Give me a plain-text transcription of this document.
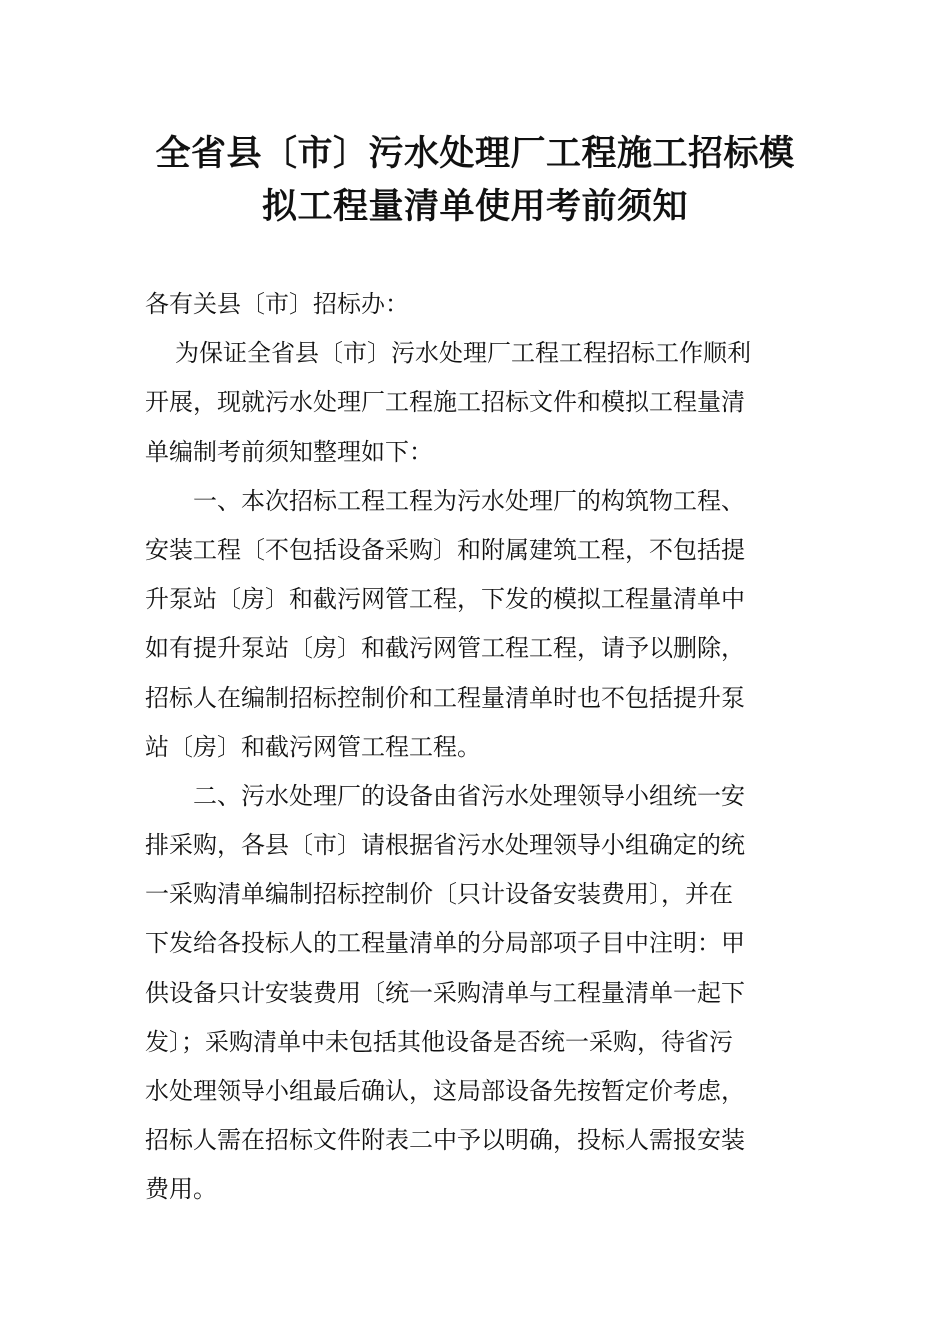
全省县〔市〕污水处理厂工程施工招标模
拟工程量清单使用考前须知
各有关县〔市〕招标办：
为保证全省县〔市〕污水处理厂工程工程招标工作顺利
开展，现就污水处理厂工程施工招标文件和模拟工程量清
单编制考前须知整理如下：
一、本次招标工程工程为污水处理厂的构筑物工程、
安装工程〔不包括设备采购〕和附属建筑工程，不包括提
升泵站〔房〕和截污网管工程，下发的模拟工程量清单中
如有提升泵站〔房〕和截污网管工程工程，请予以删除，
招标人在编制招标控制价和工程量清单时也不包括提升泵
站〔房〕和截污网管工程工程。
二、污水处理厂的设备由省污水处理领导小组统一安
排采购，各县〔市〕请根据省污水处理领导小组确定的统
一采购清单编制招标控制价〔只计设备安装费用〕，并在
下发给各投标人的工程量清单的分局部项子目中注明：甲
供设备只计安装费用〔统一采购清单与工程量清单一起下
发〕；采购清单中未包括其他设备是否统一采购，待省污
水处理领导小组最后确认，这局部设备先按暂定价考虑，
招标人需在招标文件附表二中予以明确，投标人需报安装
费用。
